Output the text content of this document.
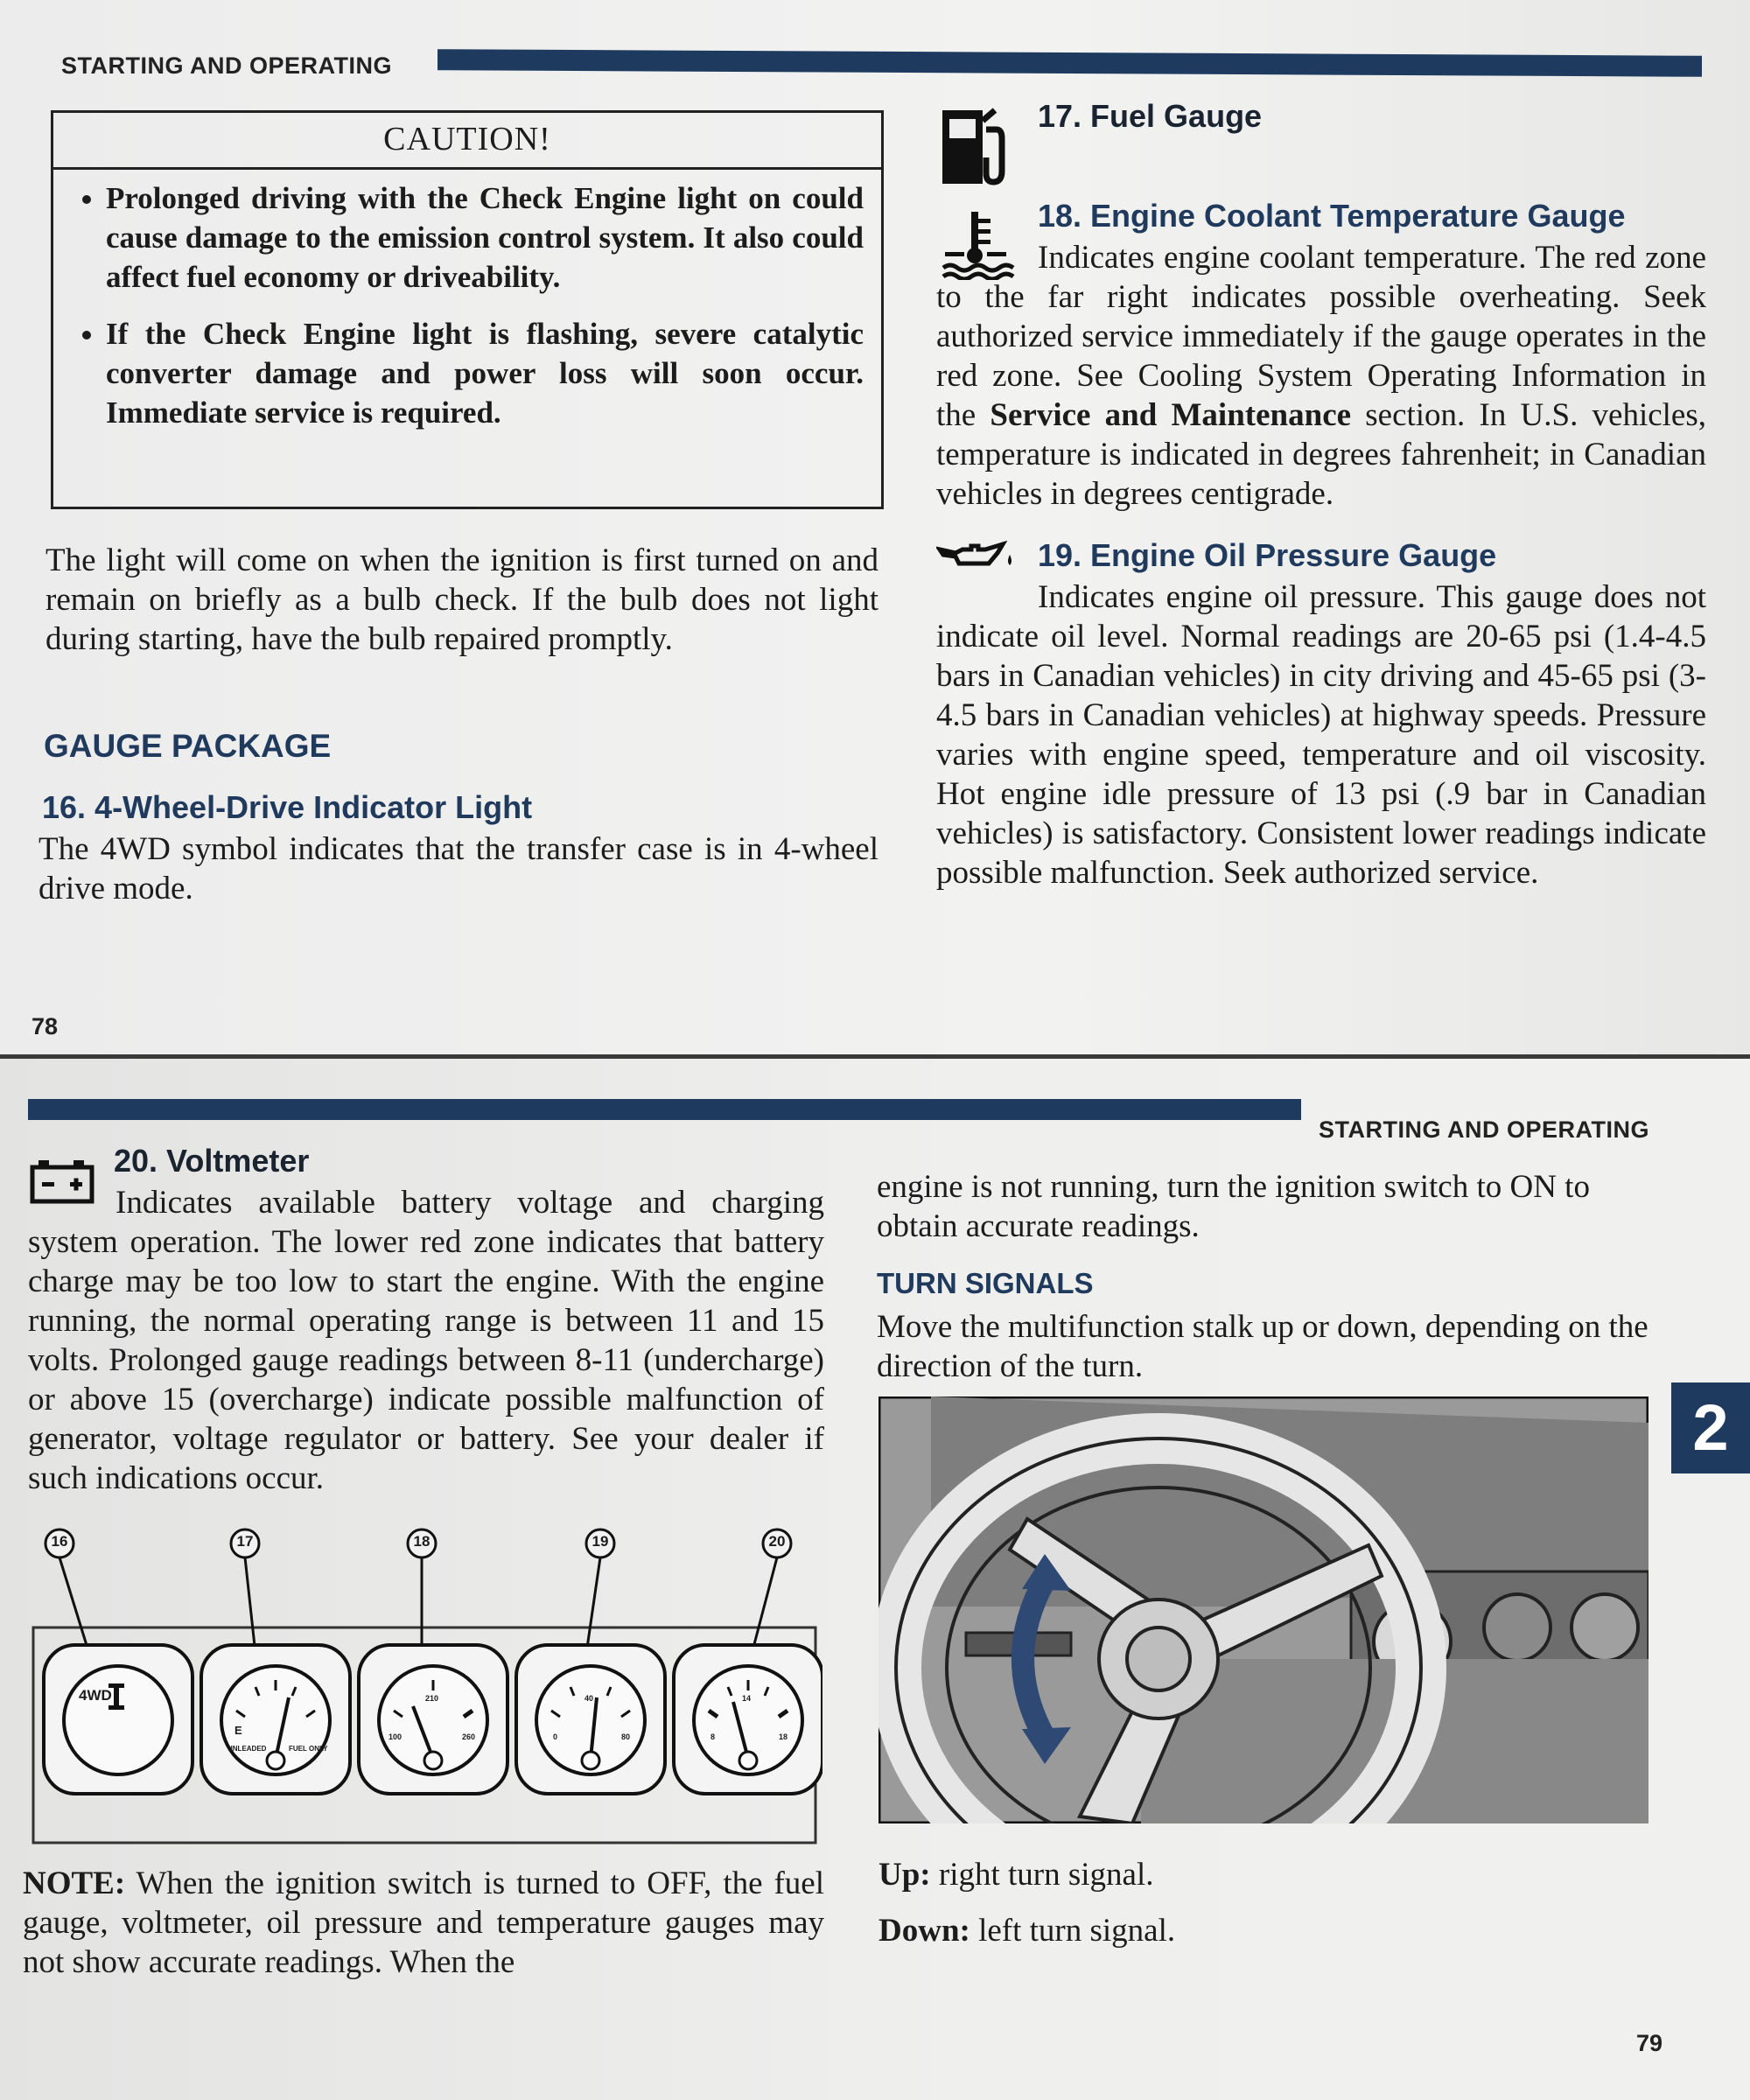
STARTING AND OPERATING
CAUTION!
• Prolonged driving with the Check Engine light on could cause damage to the emission control system. It also could affect fuel economy or driveability.
• If the Check Engine light is flashing, severe catalytic converter damage and power loss will soon occur. Immediate service is required.
The light will come on when the ignition is first turned on and remain on briefly as a bulb check. If the bulb does not light during starting, have the bulb repaired promptly.
GAUGE PACKAGE
16. 4-Wheel-Drive Indicator Light
The 4WD symbol indicates that the transfer case is in 4-wheel drive mode.
17. Fuel Gauge
18. Engine Coolant Temperature Gauge
Indicates engine coolant temperature. The red zone to the far right indicates possible overheating. Seek authorized service immediately if the gauge operates in the red zone. See Cooling System Operating Information in the Service and Maintenance section. In U.S. vehicles, temperature is indicated in degrees fahrenheit; in Canadian vehicles in degrees centigrade.
19. Engine Oil Pressure Gauge
Indicates engine oil pressure. This gauge does not indicate oil level. Normal readings are 20-65 psi (1.4-4.5 bars in Canadian vehicles) in city driving and 45-65 psi (3-4.5 bars in Canadian vehicles) at highway speeds. Pressure varies with engine speed, temperature and oil viscosity. Hot engine idle pressure of 13 psi (.9 bar in Canadian vehicles) is satisfactory. Consistent lower readings indicate possible malfunction. Seek authorized service.
78
STARTING AND OPERATING
20. Voltmeter
Indicates available battery voltage and charging system operation. The lower red zone indicates that battery charge may be too low to start the engine. With the engine running, the normal operating range is between 11 and 15 volts. Prolonged gauge readings between 8-11 (undercharge) or above 15 (overcharge) indicate possible malfunction of generator, voltage regulator or battery. See your dealer if such indications occur.
16	17	18	19	20
4WD
E
UNLEADED	FUEL ONLY
100
210
260	0
40
80	8
14
18
NOTE: When the ignition switch is turned to OFF, the fuel gauge, voltmeter, oil pressure and temperature gauges may not show accurate readings. When the
engine is not running, turn the ignition switch to ON to obtain accurate readings.
TURN SIGNALS
Move the multifunction stalk up or down, depending on the direction of the turn.
Up: right turn signal.
Down: left turn signal.
2
79
